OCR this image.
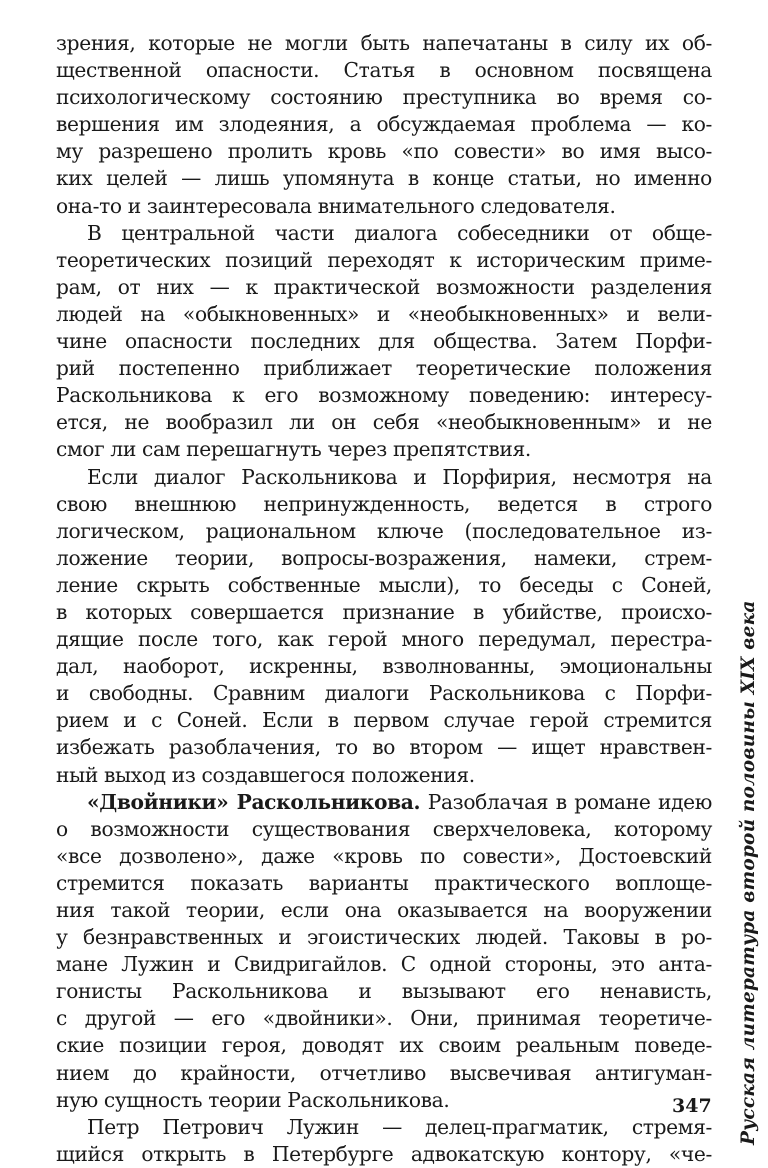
зрения, которые не могли быть напечатаны в силу их об-
щественной опасности. Статья в основном посвящена
психологическому состоянию преступника во время со-
вершения им злодеяния, а обсуждаемая проблема — ко-
му разрешено пролить кровь «по совести» во имя высо-
ких целей — лишь упомянута в конце статьи, но именно
она-то и заинтересовала внимательного следователя.
В центральной части диалога собеседники от обще-
теоретических позиций переходят к историческим приме-
рам, от них — к практической возможности разделения
людей на «обыкновенных» и «необыкновенных» и вели-
чине опасности последних для общества. Затем Порфи-
рий постепенно приближает теоретические положения
Раскольникова к его возможному поведению: интересу-
ется, не вообразил ли он себя «необыкновенным» и не
смог ли сам перешагнуть через препятствия.
Если диалог Раскольникова и Порфирия, несмотря на
свою внешнюю непринужденность, ведется в строго
логическом, рациональном ключе (последовательное из-
ложение теории, вопросы-возражения, намеки, стрем-
ление скрыть собственные мысли), то беседы с Соней,
в которых совершается признание в убийстве, происхо-
дящие после того, как герой много передумал, перестра-
дал, наоборот, искренны, взволнованны, эмоциональны
и свободны. Сравним диалоги Раскольникова с Порфи-
рием и с Соней. Если в первом случае герой стремится
избежать разоблачения, то во втором — ищет нравствен-
ный выход из создавшегося положения.
«Двойники» Раскольникова. Разоблачая в романе идею
о возможности существования сверхчеловека, которому
«все дозволено», даже «кровь по совести», Достоевский
стремится показать варианты практического воплоще-
ния такой теории, если она оказывается на вооружении
у безнравственных и эгоистических людей. Таковы в ро-
мане Лужин и Свидригайлов. С одной стороны, это анта-
гонисты Раскольникова и вызывают его ненависть,
с другой — его «двойники». Они, принимая теоретиче-
ские позиции героя, доводят их своим реальным поведе-
нием до крайности, отчетливо высвечивая антигуман-
ную сущность теории Раскольникова.
Петр Петрович Лужин — делец-прагматик, стремя-
щийся открыть в Петербурге адвокатскую контору, «че-
Русская литература второй половины XIX века
347
